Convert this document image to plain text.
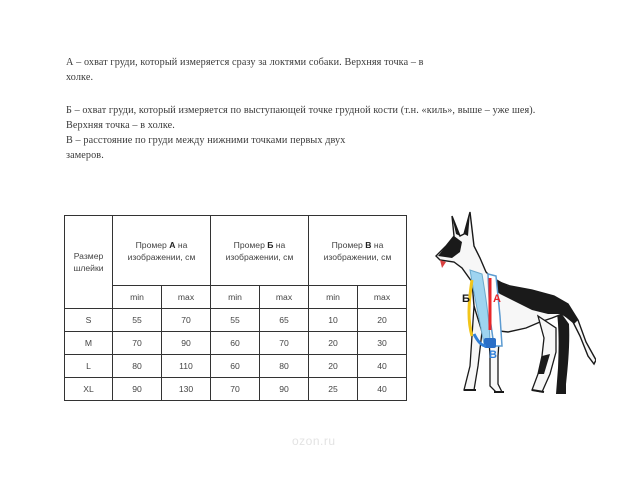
А – охват груди, который измеряется сразу за локтями собаки. Верхняя точка – в
холке.

Б – охват груди, который измеряется по выступающей точке грудной кости (т.н. «киль», выше – уже шея).
Верхняя точка – в холке.

В – расстояние по груди между нижними точками первых двух
замеров.

Размер шлейки	Промер А на изображении, см		Промер Б на изображении, см		Промер В на изображении, см	
	min	max	min	max	min	max
S	55	70	55	65	10	20
M	70	90	60	70	20	30
L	80	110	60	80	20	40
XL	90	130	70	90	25	40
Б А
В
ozon.ru
